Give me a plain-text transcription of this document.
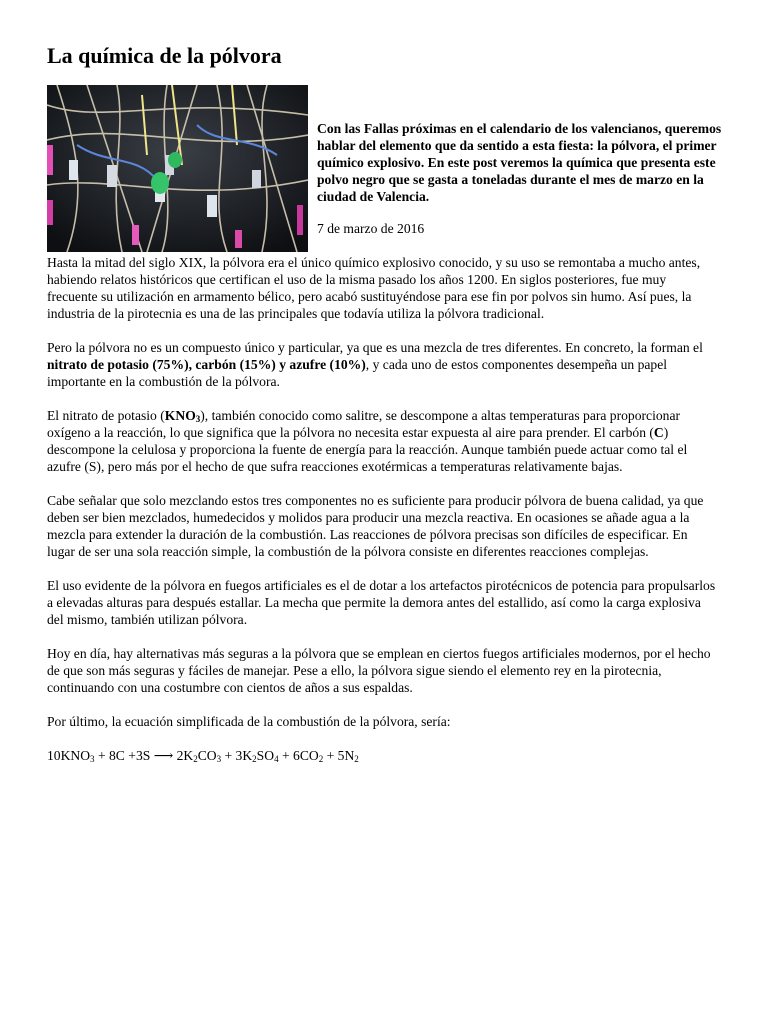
La química de la pólvora

Con las Fallas próximas en el calendario de los valencianos, queremos hablar del elemento que da sentido a esta fiesta: la pólvora, el primer químico explosivo. En este post veremos la química que presenta este polvo negro que se gasta a toneladas durante el mes de marzo en la ciudad de Valencia.

7 de marzo de 2016

Hasta la mitad del siglo XIX, la pólvora era el único químico explosivo conocido, y su uso se remontaba a mucho antes, habiendo relatos históricos que certifican el uso de la misma pasado los años 1200. En siglos posteriores, fue muy frecuente su utilización en armamento bélico, pero acabó sustituyéndose para ese fin por polvos sin humo. Así pues, la industria de la pirotecnia es una de las principales que todavía utiliza la pólvora tradicional.

Pero la pólvora no es un compuesto único y particular, ya que es una mezcla de tres diferentes. En concreto, la forman el nitrato de potasio (75%), carbón (15%) y azufre (10%), y cada uno de estos componentes desempeña un papel importante en la combustión de la pólvora.

El nitrato de potasio $(KNO_3)$, también conocido como salitre, se descompone a altas temperaturas para proporcionar oxígeno a la reacción, lo que significa que la pólvora no necesita estar expuesta al aire para prender. El carbón (C) descompone la celulosa y proporciona la fuente de energía para la reacción. Aunque también puede actuar como tal el azufre (S), pero más por el hecho de que sufra reacciones exotérmicas a temperaturas relativamente bajas.

Cabe señalar que solo mezclando estos tres componentes no es suficiente para producir pólvora de buena calidad, ya que deben ser bien mezclados, humedecidos y molidos para producir una mezcla reactiva. En ocasiones se añade agua a la mezcla para extender la duración de la combustión. Las reacciones de pólvora precisas son difíciles de especificar. En lugar de ser una sola reacción simple, la combustión de la pólvora consiste en diferentes reacciones complejas.

El uso evidente de la pólvora en fuegos artificiales es el de dotar a los artefactos pirotécnicos de potencia para propulsarlos a elevadas alturas para después estallar. La mecha que permite la demora antes del estallido, así como la carga explosiva del mismo, también utilizan pólvora.

Hoy en día, hay alternativas más seguras a la pólvora que se emplean en ciertos fuegos artificiales modernos, por el hecho de que son más seguras y fáciles de manejar. Pese a ello, la pólvora sigue siendo el elemento rey en la pirotecnia, continuando con una costumbre con cientos de años a sus espaldas.

Por último, la ecuación simplificada de la combustión de la pólvora, sería:

$10KNO_3 + 8C +3S$ ⟶ $2K_2CO_3 + 3K_2SO_4 + 6CO_2 + 5N_2$
